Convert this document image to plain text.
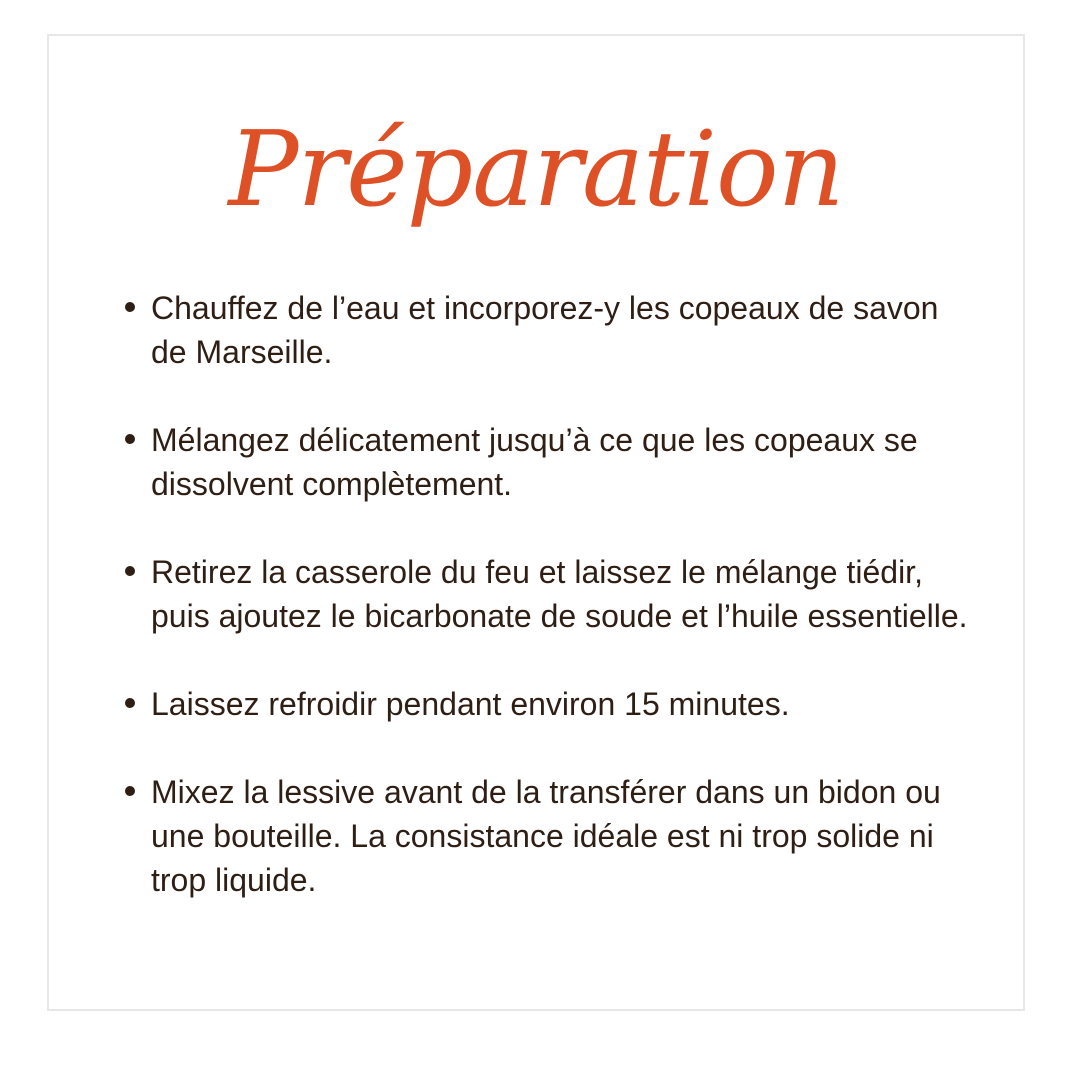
Préparation
Chauffez de l’eau et incorporez-y les copeaux de savon de Marseille.
Mélangez délicatement jusqu’à ce que les copeaux se dissolvent complètement.
Retirez la casserole du feu et laissez le mélange tiédir, puis ajoutez le bicarbonate de soude et l’huile essentielle.
Laissez refroidir pendant environ 15 minutes.
Mixez la lessive avant de la transférer dans un bidon ou une bouteille. La consistance idéale est ni trop solide ni trop liquide.
